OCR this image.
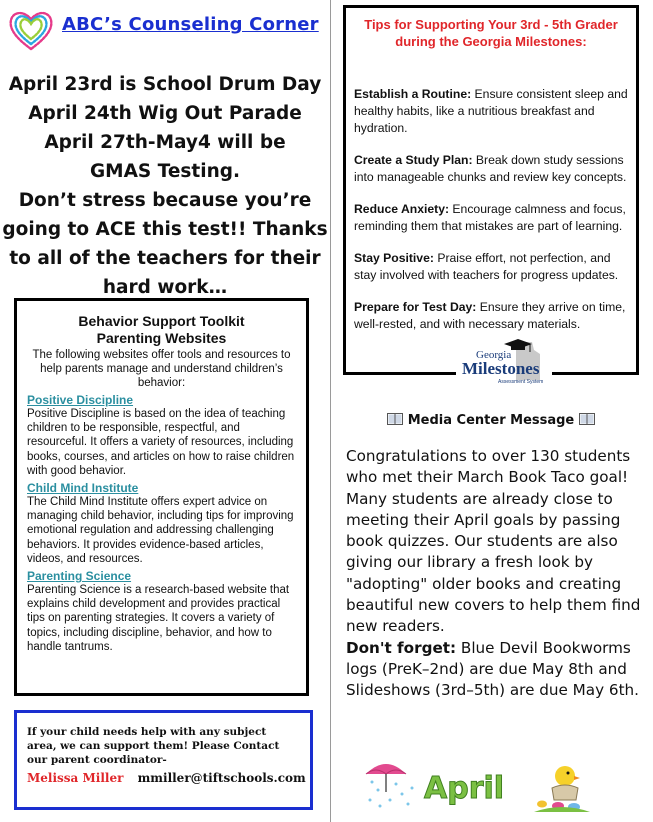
ABC’s Counseling Corner
April 23rd is School Drum Day
April 24th Wig Out Parade
April 27th-May4 will be
GMAS Testing.
Don’t stress because you’re
going to ACE this test!! Thanks
to all of the teachers for their
hard work…
Behavior Support Toolkit
Parenting Websites
The following websites offer tools and resources to help parents manage and understand children’s behavior:
Positive Discipline
Positive Discipline is based on the idea of teaching children to be responsible, respectful, and resourceful. It offers a variety of resources, including books, courses, and articles on how to raise children with good behavior.
Child Mind Institute
The Child Mind Institute offers expert advice on managing child behavior, including tips for improving emotional regulation and addressing challenging behaviors. It provides evidence-based articles, videos, and resources.
Parenting Science
Parenting Science is a research-based website that explains child development and provides practical tips on parenting strategies. It covers a variety of topics, including discipline, behavior, and how to handle tantrums.
If your child needs help with any subject area, we can support them! Please Contact our parent coordinator-
Melissa Miller mmiller@tiftschools.com
Tips for Supporting Your 3rd - 5th Grader during the Georgia Milestones:
Establish a Routine: Ensure consistent sleep and healthy habits, like a nutritious breakfast and hydration.
Create a Study Plan: Break down study sessions into manageable chunks and review key concepts.
Reduce Anxiety: Encourage calmness and focus, reminding them that mistakes are part of learning.
Stay Positive: Praise effort, not perfection, and stay involved with teachers for progress updates.
Prepare for Test Day: Ensure they arrive on time, well-rested, and with necessary materials.
Georgia
Milestones
Assessment System
Media Center Message
Congratulations to over 130 students who met their March Book Taco goal! Many students are already close to meeting their April goals by passing book quizzes. Our students are also giving our library a fresh look by "adopting" older books and creating beautiful new covers to help them find new readers.
Don't forget: Blue Devil Bookworms logs (PreK–2nd) are due May 8th and Slideshows (3rd–5th) are due May 6th.
April
